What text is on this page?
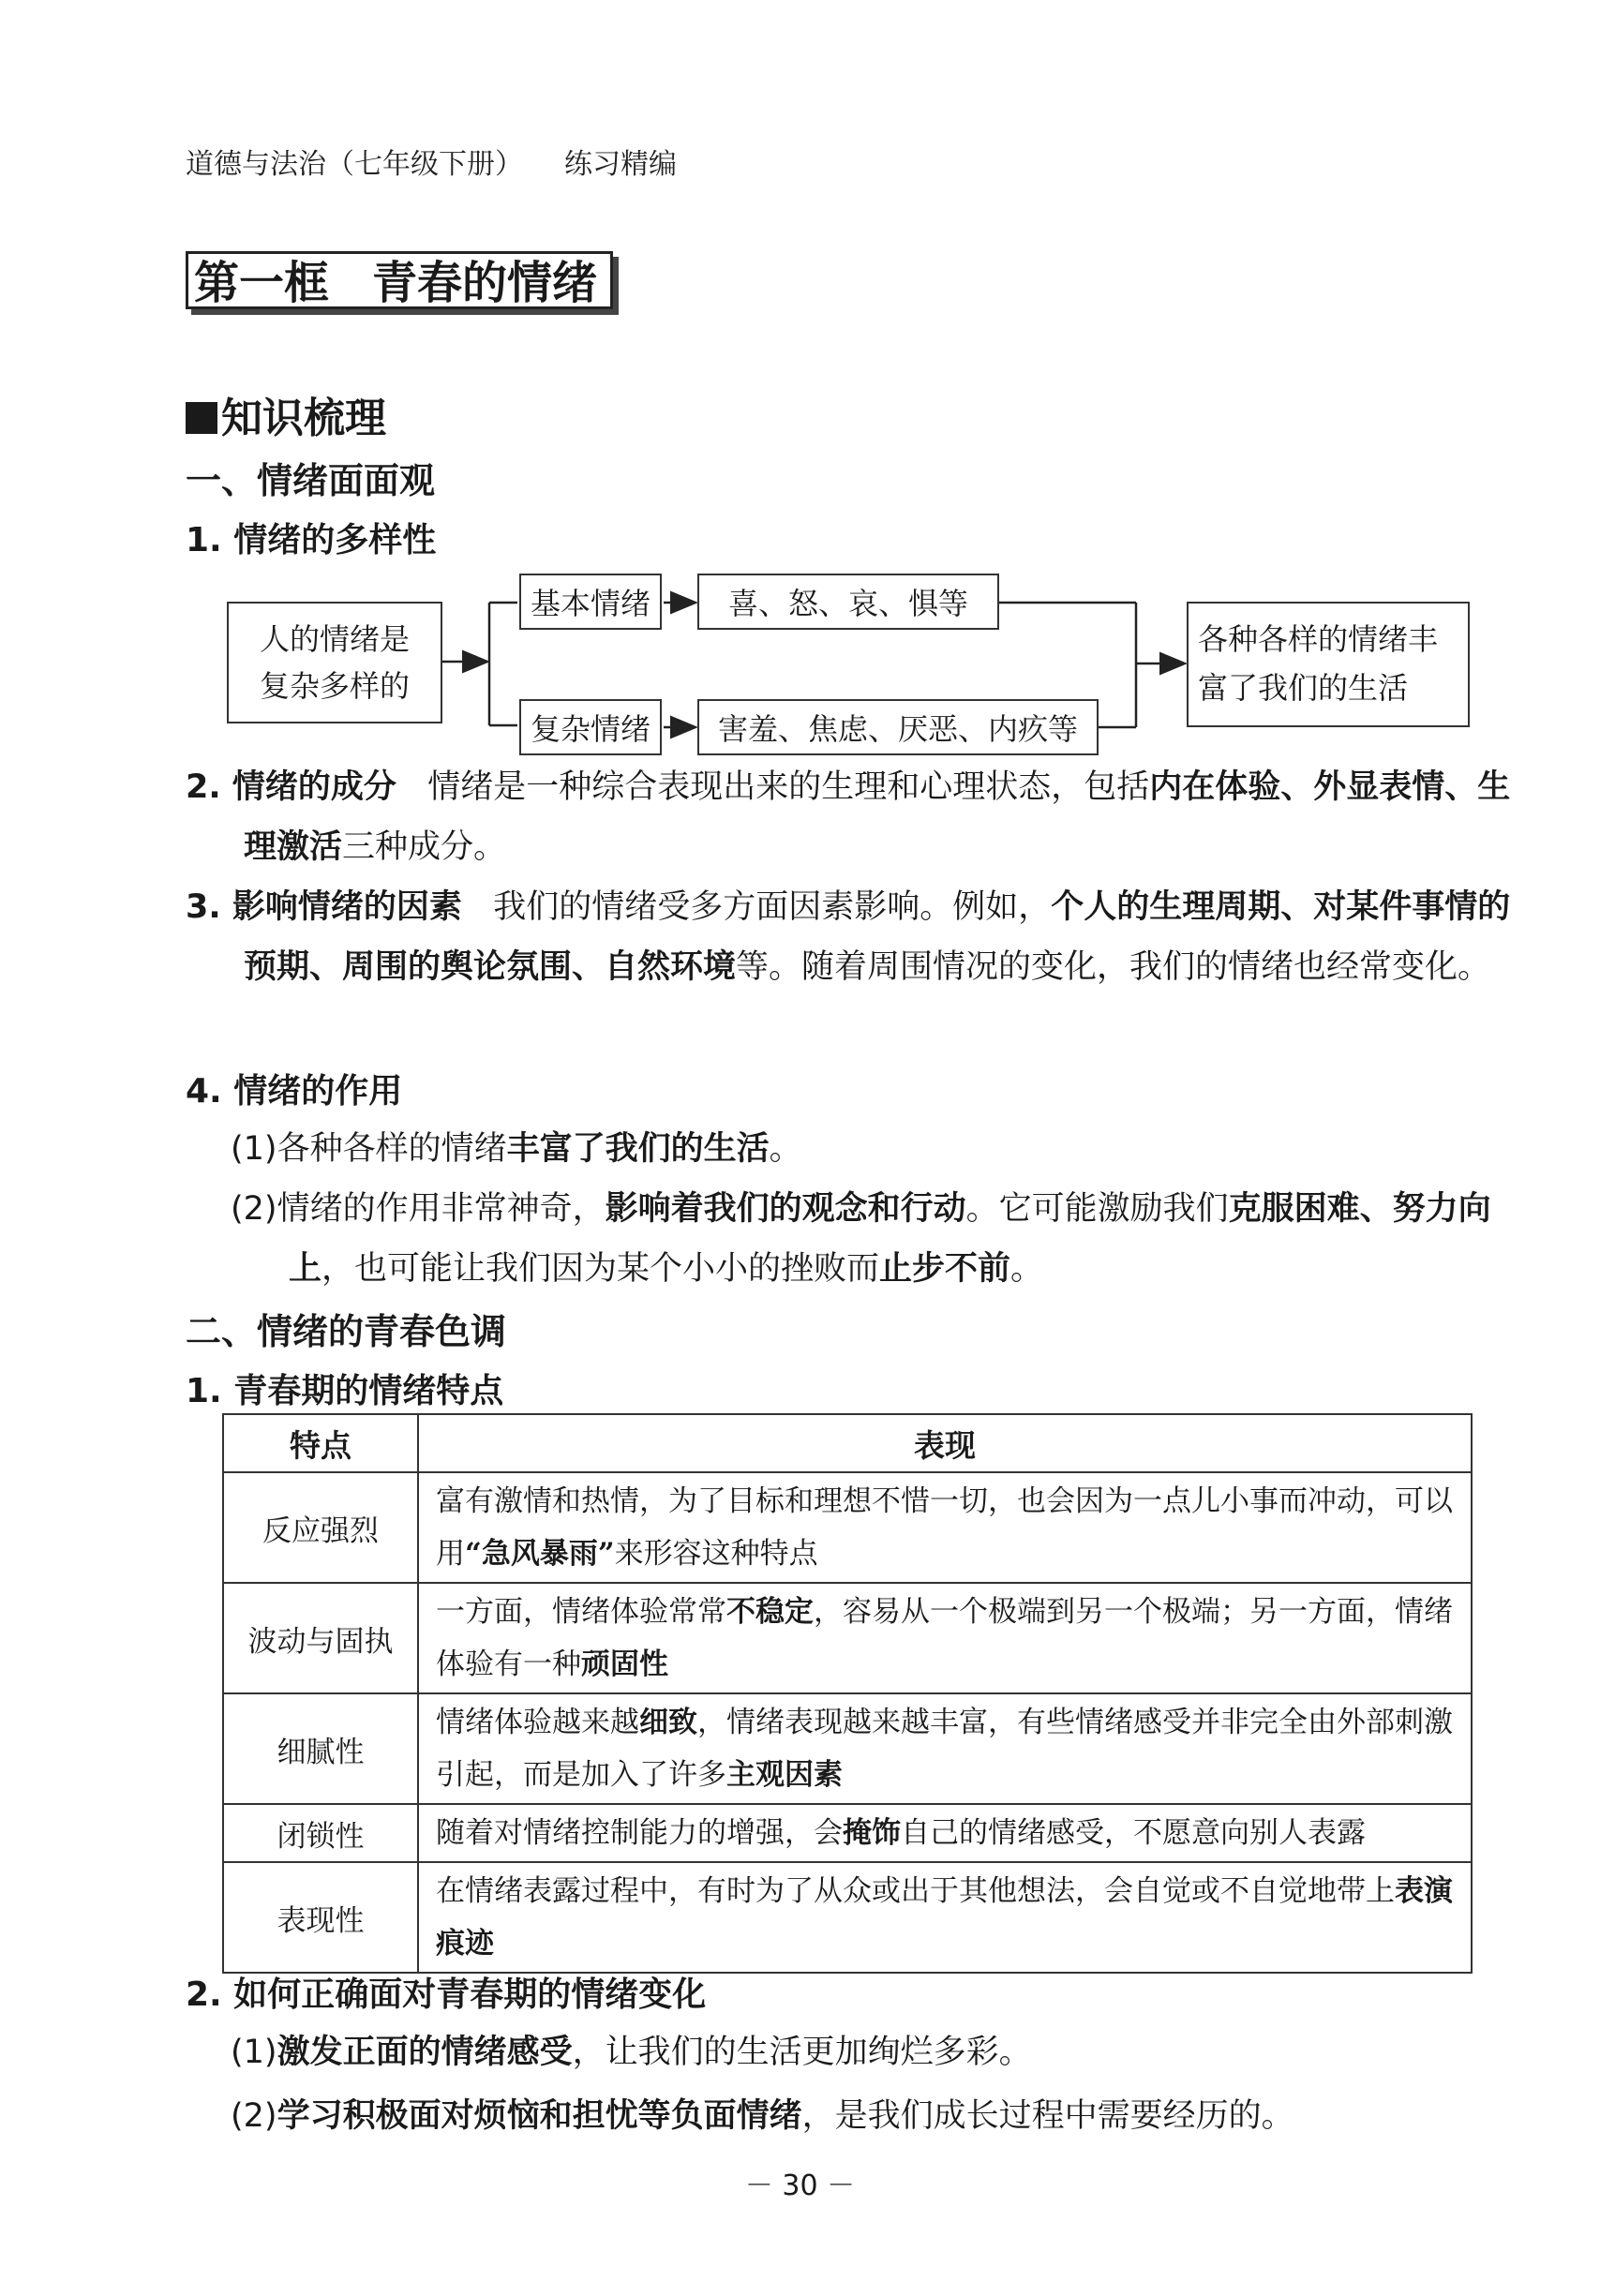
道德与法治（七年级下册） 练习精编
第一框 青春的情绪
知识梳理
一、情绪面面观
1. 情绪的多样性
人的情绪是
复杂多样的
基本情绪	喜、怒、哀、惧等
复杂情绪 害羞、焦虑、厌恶、内疚等
各种各样的情绪丰
富了我们的生活
2. 情绪的成分 情绪是一种综合表现出来的生理和心理状态，包括内在体验、外显表情、生理激活三种成分。
3. 影响情绪的因素 我们的情绪受多方面因素影响。例如，个人的生理周期、对某件事情的预期、周围的舆论氛围、自然环境等。随着周围情况的变化，我们的情绪也经常变化。
4. 情绪的作用
(1)各种各样的情绪丰富了我们的生活。
(2)情绪的作用非常神奇，影响着我们的观念和行动。它可能激励我们克服困难、努力向上，也可能让我们因为某个小小的挫败而止步不前。
二、情绪的青春色调
1. 青春期的情绪特点
特点	表现
反应强烈	富有激情和热情，为了目标和理想不惜一切，也会因为一点儿小事而冲动，可以用“急风暴雨”来形容这种特点
波动与固执	一方面，情绪体验常常不稳定，容易从一个极端到另一个极端；另一方面，情绪体验有一种顽固性
细腻性	情绪体验越来越细致，情绪表现越来越丰富，有些情绪感受并非完全由外部刺激引起，而是加入了许多主观因素
闭锁性	随着对情绪控制能力的增强，会掩饰自己的情绪感受，不愿意向别人表露
表现性	在情绪表露过程中，有时为了从众或出于其他想法，会自觉或不自觉地带上表演痕迹
2. 如何正确面对青春期的情绪变化
(1)激发正面的情绪感受，让我们的生活更加绚烂多彩。
(2)学习积极面对烦恼和担忧等负面情绪，是我们成长过程中需要经历的。
－ 30 －
